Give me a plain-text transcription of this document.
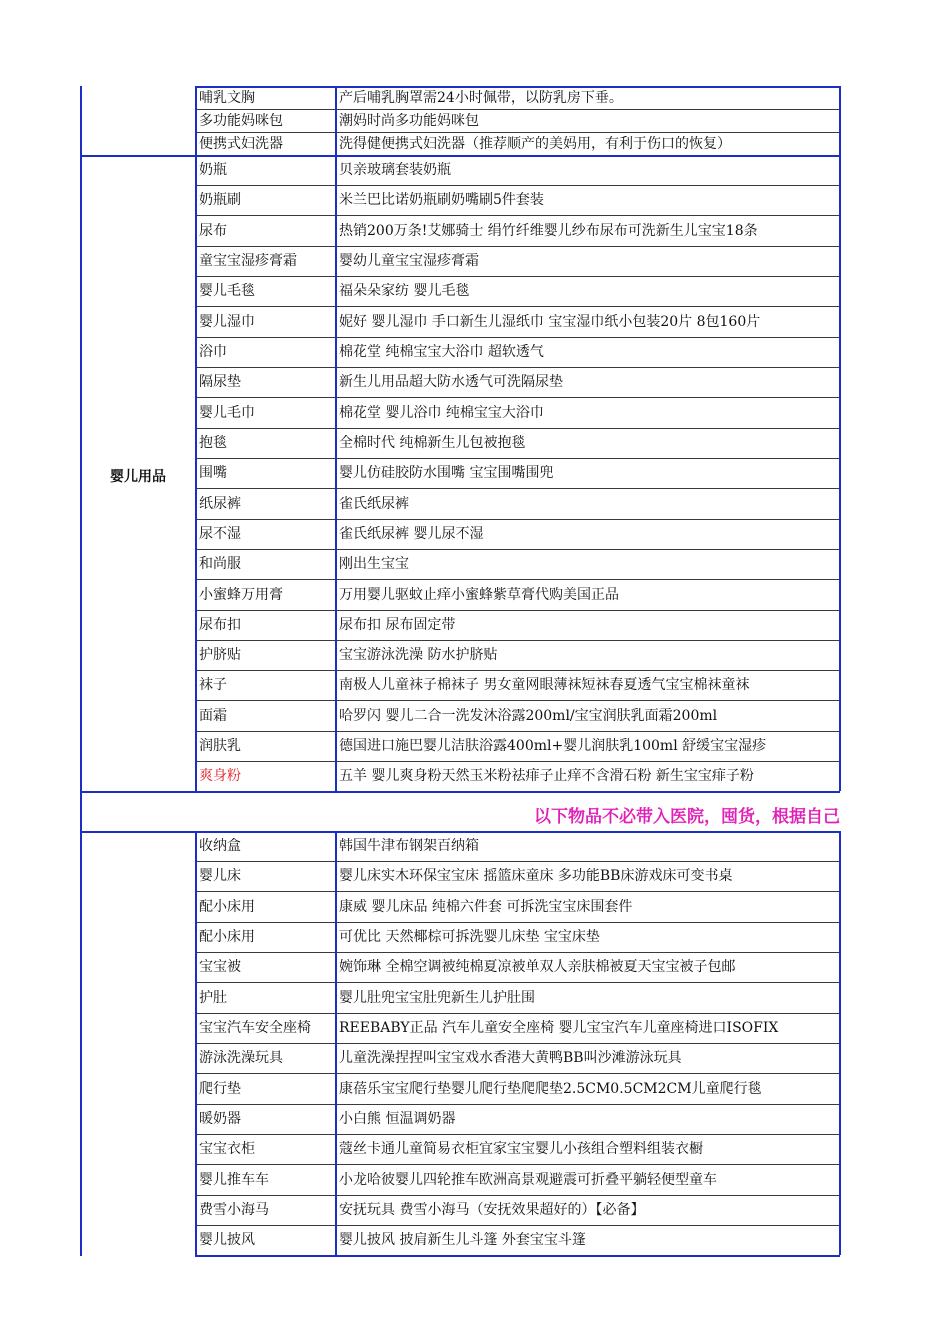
婴儿用品
以下物品不必带入医院，囤货，根据自己
哺乳文胸	产后哺乳胸罩需24小时佩带，以防乳房下垂。
多功能妈咪包	潮妈时尚多功能妈咪包
便携式妇洗器	洗得健便携式妇洗器（推荐顺产的美妈用，有利于伤口的恢复）
奶瓶	贝亲玻璃套装奶瓶
奶瓶刷	米兰巴比诺奶瓶刷奶嘴刷5件套装
尿布	热销200万条!艾娜骑士 绢竹纤维婴儿纱布尿布可洗新生儿宝宝18条
童宝宝湿疹膏霜	婴幼儿童宝宝湿疹膏霜
婴儿毛毯	福朵朵家纺 婴儿毛毯
婴儿湿巾	妮好 婴儿湿巾 手口新生儿湿纸巾 宝宝湿巾纸小包装20片 8包160片
浴巾	棉花堂 纯棉宝宝大浴巾 超软透气
隔尿垫	新生儿用品超大防水透气可洗隔尿垫
婴儿毛巾	棉花堂 婴儿浴巾 纯棉宝宝大浴巾
抱毯	全棉时代 纯棉新生儿包被抱毯
围嘴	婴儿仿硅胶防水围嘴 宝宝围嘴围兜
纸尿裤	雀氏纸尿裤
尿不湿	雀氏纸尿裤 婴儿尿不湿
和尚服	刚出生宝宝
小蜜蜂万用膏	万用婴儿驱蚊止痒小蜜蜂紫草膏代购美国正品
尿布扣	尿布扣 尿布固定带
护脐贴	宝宝游泳洗澡 防水护脐贴
袜子	南极人儿童袜子棉袜子 男女童网眼薄袜短袜春夏透气宝宝棉袜童袜
面霜	哈罗闪 婴儿二合一洗发沐浴露200ml/宝宝润肤乳面霜200ml
润肤乳	德国进口施巴婴儿洁肤浴露400ml+婴儿润肤乳100ml 舒缓宝宝湿疹
爽身粉	五羊 婴儿爽身粉天然玉米粉祛痱子止痒不含滑石粉 新生宝宝痱子粉
收纳盒	韩国牛津布钢架百纳箱
婴儿床	婴儿床实木环保宝宝床 摇篮床童床 多功能BB床游戏床可变书桌
配小床用	康威 婴儿床品 纯棉六件套 可拆洗宝宝床围套件
配小床用	可优比 天然椰棕可拆洗婴儿床垫 宝宝床垫
宝宝被	婉饰琳 全棉空调被纯棉夏凉被单双人亲肤棉被夏天宝宝被子包邮
护肚	婴儿肚兜宝宝肚兜新生儿护肚围
宝宝汽车安全座椅	REEBABY正品 汽车儿童安全座椅 婴儿宝宝汽车儿童座椅进口ISOFIX
游泳洗澡玩具	儿童洗澡捏捏叫宝宝戏水香港大黄鸭BB叫沙滩游泳玩具
爬行垫	康蓓乐宝宝爬行垫婴儿爬行垫爬爬垫2.5CM0.5CM2CM儿童爬行毯
暖奶器	小白熊 恒温调奶器
宝宝衣柜	蔻丝卡通儿童简易衣柜宜家宝宝婴儿小孩组合塑料组装衣橱
婴儿推车车	小龙哈彼婴儿四轮推车欧洲高景观避震可折叠平躺轻便型童车
费雪小海马	安抚玩具 费雪小海马（安抚效果超好的）【必备】
婴儿披风	婴儿披风 披肩新生儿斗篷 外套宝宝斗篷
